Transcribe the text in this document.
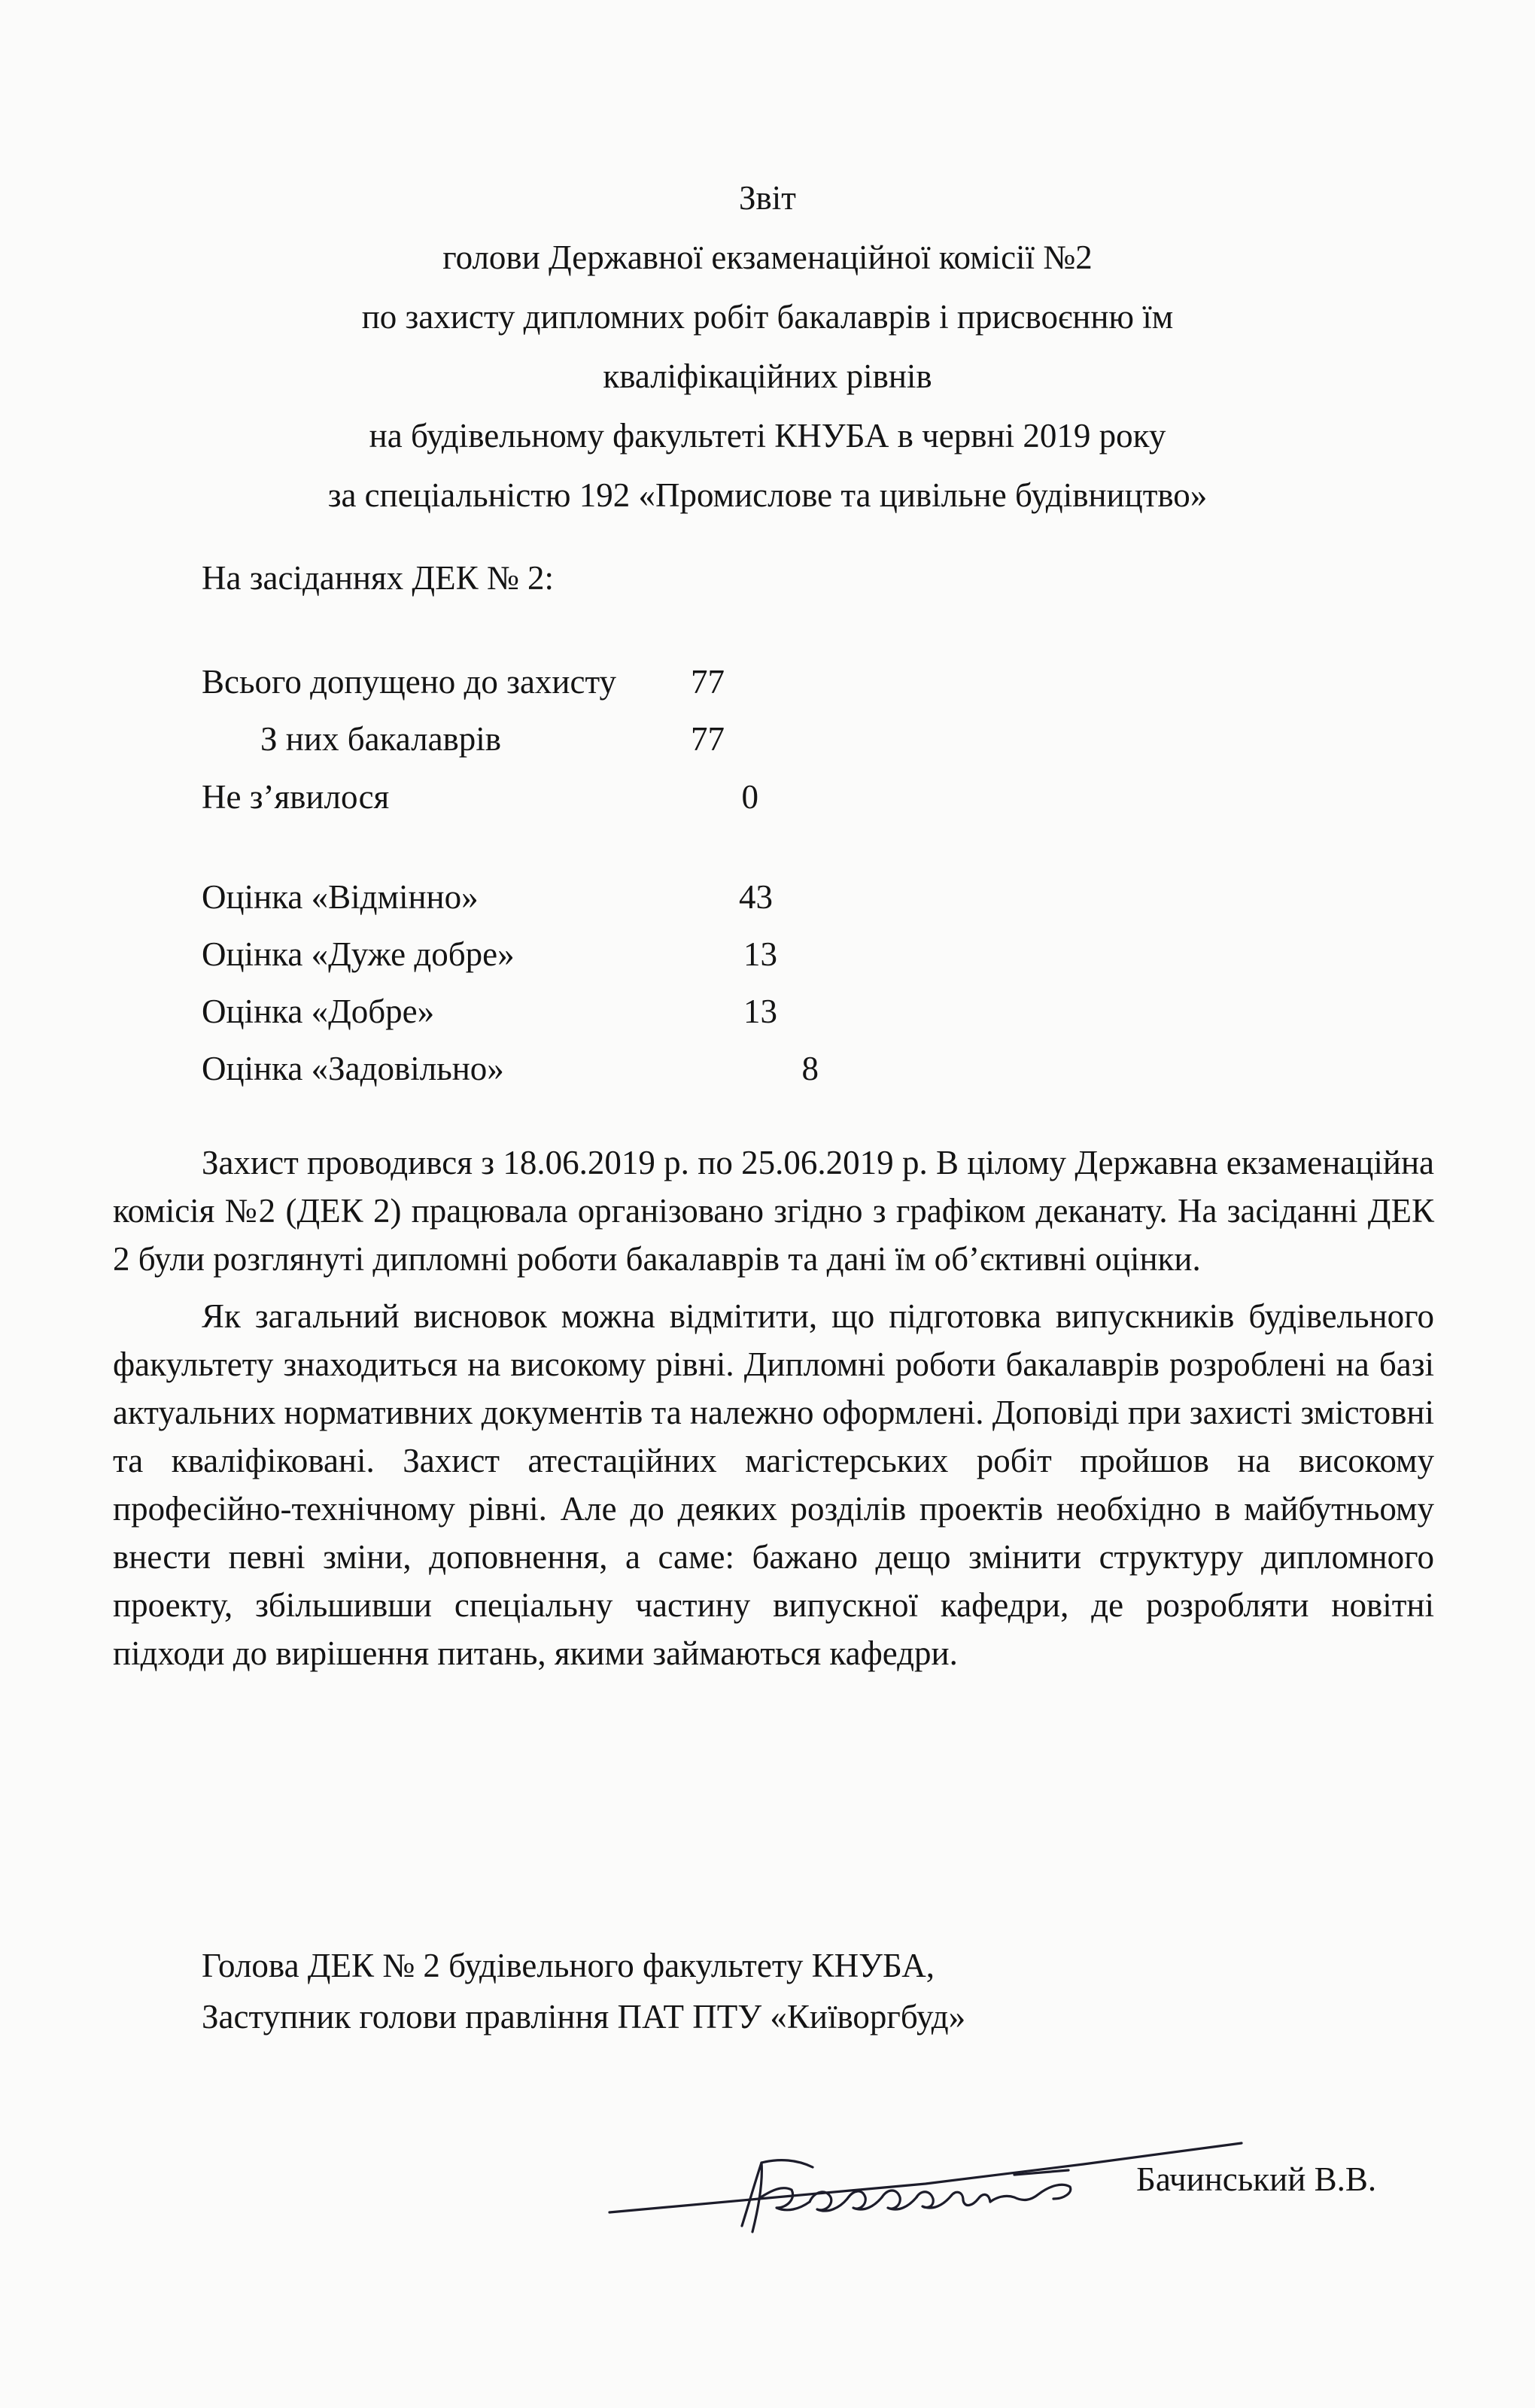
Звіт
голови Державної екзаменаційної комісії №2
по захисту дипломних робіт бакалаврів і присвоєнню їм
кваліфікаційних рівнів
на будівельному факультеті КНУБА в червні 2019 року
за спеціальністю 192 «Промислове та цивільне будівництво»
На засіданнях ДЕК № 2:
Всього допущено до захисту 77
З них бакалаврів	77
Не з’явилося	0
Оцінка «Відмінно»	43
Оцінка «Дуже добре»	13
Оцінка «Добре»	13
Оцінка «Задовільно»	8

Захист проводився з 18.06.2019 р. по 25.06.2019 р. В цілому Державна екзаменаційна комісія №2 (ДЕК 2) працювала організовано згідно з графіком деканату. На засіданні ДЕК 2 були розглянуті дипломні роботи бакалаврів та дані їм об’єктивні оцінки.

Як загальний висновок можна відмітити, що підготовка випускників будівельного факультету знаходиться на високому рівні. Дипломні роботи бакалаврів розроблені на базі актуальних нормативних документів та належно оформлені. Доповіді при захисті змістовні та кваліфіковані. Захист атестаційних магістерських робіт пройшов на високому професійно-технічному рівні. Але до деяких розділів проектів необхідно в майбутньому внести певні зміни, доповнення, а саме: бажано дещо змінити структуру дипломного проекту, збільшивши спеціальну частину випускної кафедри, де розробляти новітні підходи до вирішення питань, якими займаються кафедри.

Голова ДЕК № 2 будівельного факультету КНУБА,
Заступник голови правління ПАТ ПТУ «Київоргбуд»
Бачинський В.В.
